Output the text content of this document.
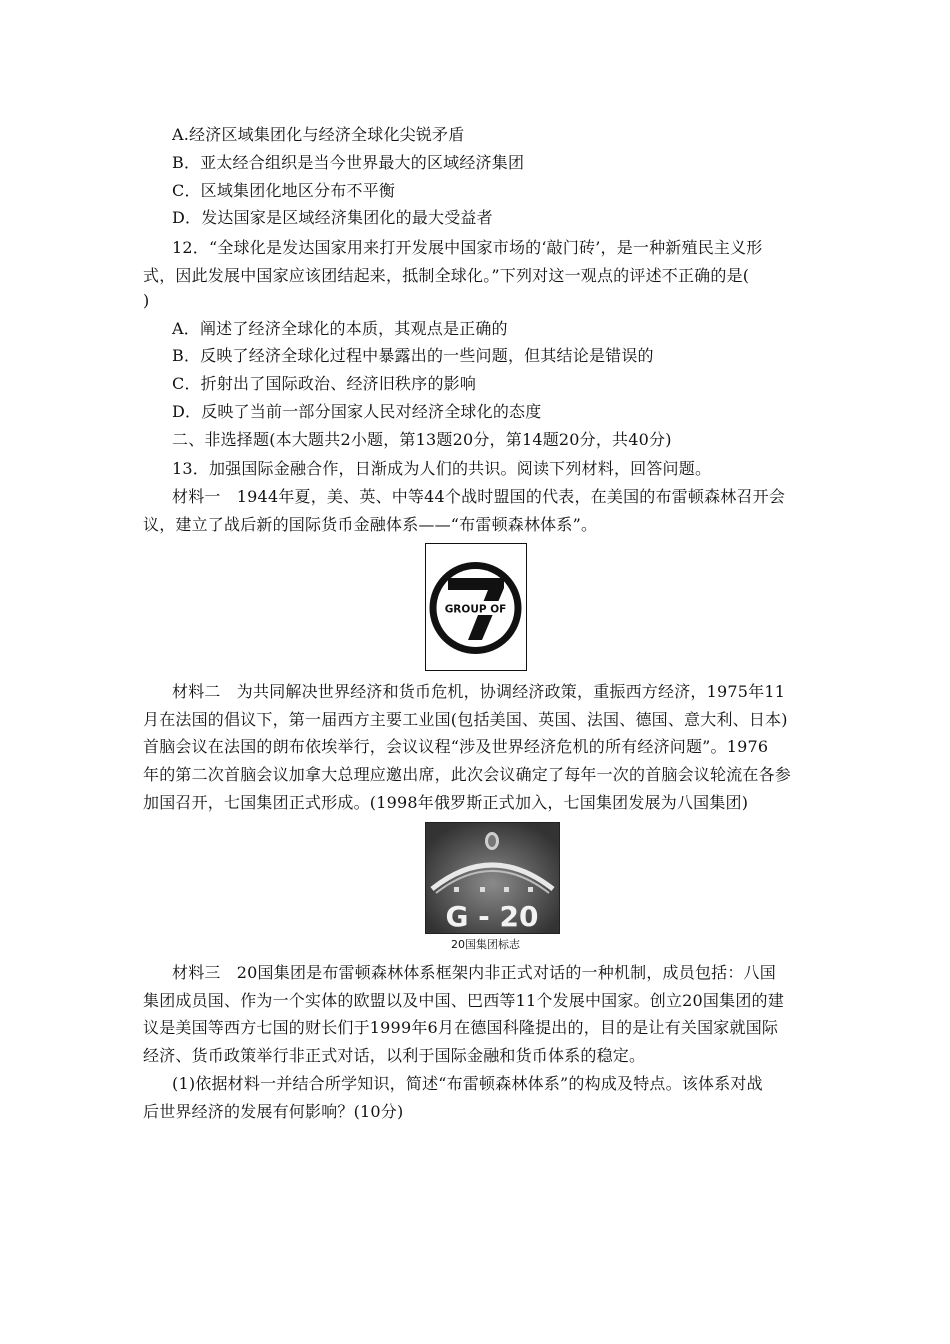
A.经济区域集团化与经济全球化尖锐矛盾
B．亚太经合组织是当今世界最大的区域经济集团
C．区域集团化地区分布不平衡
D．发达国家是区域经济集团化的最大受益者
12．“全球化是发达国家用来打开发展中国家市场的‘敲门砖’，是一种新殖民主义形
式，因此发展中国家应该团结起来，抵制全球化。”下列对这一观点的评述不正确的是(
)
A．阐述了经济全球化的本质，其观点是正确的
B．反映了经济全球化过程中暴露出的一些问题，但其结论是错误的
C．折射出了国际政治、经济旧秩序的影响
D．反映了当前一部分国家人民对经济全球化的态度
二、非选择题(本大题共2小题，第13题20分，第14题20分，共40分)
13．加强国际金融合作，日渐成为人们的共识。阅读下列材料，回答问题。
材料一　1944年夏，美、英、中等44个战时盟国的代表，在美国的布雷顿森林召开会
议，建立了战后新的国际货币金融体系——“布雷顿森林体系”。
GROUP OF
材料二　为共同解决世界经济和货币危机，协调经济政策，重振西方经济，1975年11
月在法国的倡议下，第一届西方主要工业国(包括美国、英国、法国、德国、意大利、日本)
首脑会议在法国的朗布依埃举行，会议议程“涉及世界经济危机的所有经济问题”。1976
年的第二次首脑会议加拿大总理应邀出席，此次会议确定了每年一次的首脑会议轮流在各参
加国召开，七国集团正式形成。(1998年俄罗斯正式加入，七国集团发展为八国集团)
G - 20
20国集团标志
材料三　20国集团是布雷顿森林体系框架内非正式对话的一种机制，成员包括：八国
集团成员国、作为一个实体的欧盟以及中国、巴西等11个发展中国家。创立20国集团的建
议是美国等西方七国的财长们于1999年6月在德国科隆提出的，目的是让有关国家就国际
经济、货币政策举行非正式对话，以利于国际金融和货币体系的稳定。
(1)依据材料一并结合所学知识，简述“布雷顿森林体系”的构成及特点。该体系对战
后世界经济的发展有何影响？(10分)
